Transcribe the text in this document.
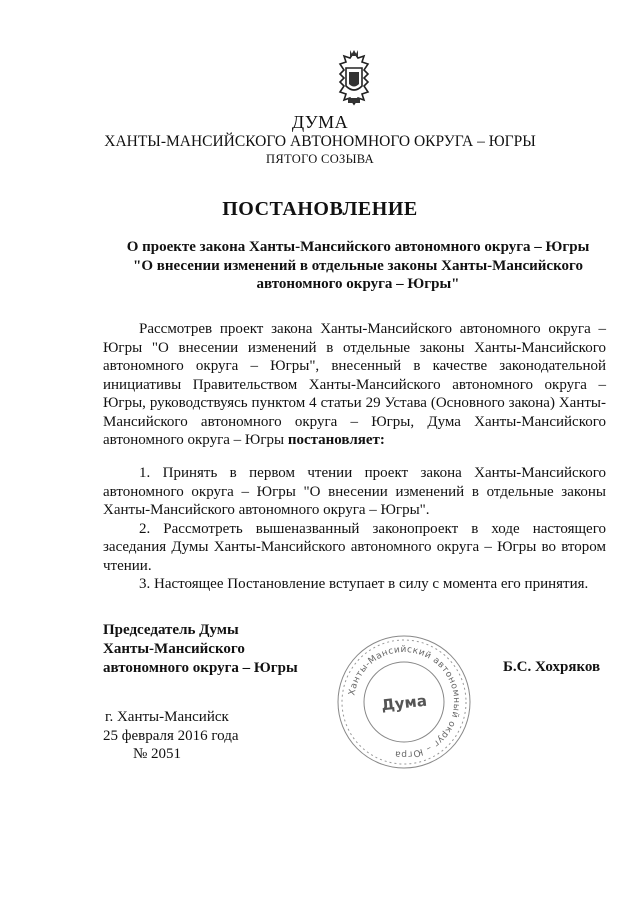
ДУМА
ХАНТЫ-МАНСИЙСКОГО АВТОНОМНОГО ОКРУГА – ЮГРЫ
ПЯТОГО СОЗЫВА
ПОСТАНОВЛЕНИЕ
О проекте закона Ханты-Мансийского автономного округа – Югры
"О внесении изменений в отдельные законы Ханты-Мансийского
автономного округа – Югры"

Рассмотрев проект закона Ханты-Мансийского автономного округа – Югры "О внесении изменений в отдельные законы Ханты-Мансийского автономного округа – Югры", внесенный в качестве законодательной инициативы Правительством Ханты-Мансийского автономного округа – Югры, руководствуясь пунктом 4 статьи 29 Устава (Основного закона) Ханты-Мансийского автономного округа – Югры, Дума Ханты-Мансийского автономного округа – Югры постановляет:

1. Принять в первом чтении проект закона Ханты-Мансийского автономного округа – Югры "О внесении изменений в отдельные законы Ханты-Мансийского автономного округа – Югры".

2. Рассмотреть вышеназванный законопроект в ходе настоящего заседания Думы Ханты-Мансийского автономного округа – Югры во втором чтении.

3. Настоящее Постановление вступает в силу с момента его принятия.

Председатель Думы
Ханты-Мансийского
автономного округа – Югры
Ханты-Мансийский автономный округ – Югра
Дума
Б.С. Хохряков
г. Ханты-Мансийск
25 февраля 2016 года
№ 2051
